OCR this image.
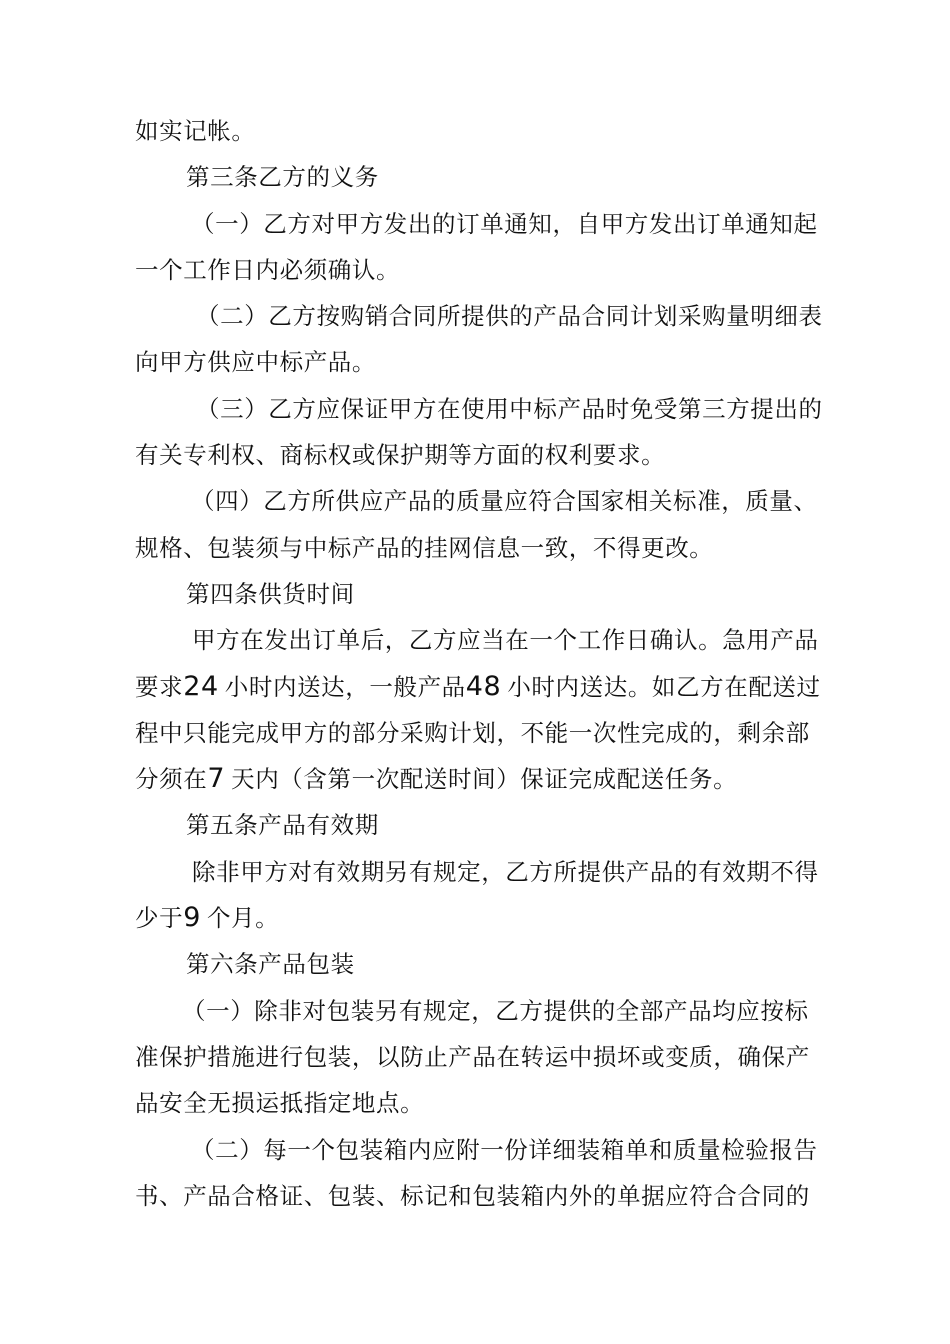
如实记帐。
第三条乙方的义务
（一）乙方对甲方发出的订单通知，自甲方发出订单通知起
一个工作日内必须确认。
（二）乙方按购销合同所提供的产品合同计划采购量明细表
向甲方供应中标产品。
（三）乙方应保证甲方在使用中标产品时免受第三方提出的
有关专利权、商标权或保护期等方面的权利要求。
（四）乙方所供应产品的质量应符合国家相关标准，质量、
规格、包装须与中标产品的挂网信息一致，不得更改。
第四条供货时间
甲方在发出订单后，乙方应当在一个工作日确认。急用产品
要求24 小时内送达，一般产品48 小时内送达。如乙方在配送过
程中只能完成甲方的部分采购计划，不能一次性完成的，剩余部
分须在7 天内（含第一次配送时间）保证完成配送任务。
第五条产品有效期
除非甲方对有效期另有规定，乙方所提供产品的有效期不得
少于9 个月。
第六条产品包装
（一）除非对包装另有规定，乙方提供的全部产品均应按标
准保护措施进行包装，以防止产品在转运中损坏或变质，确保产
品安全无损运抵指定地点。
（二）每一个包装箱内应附一份详细装箱单和质量检验报告
书、产品合格证、包装、标记和包装箱内外的单据应符合合同的
